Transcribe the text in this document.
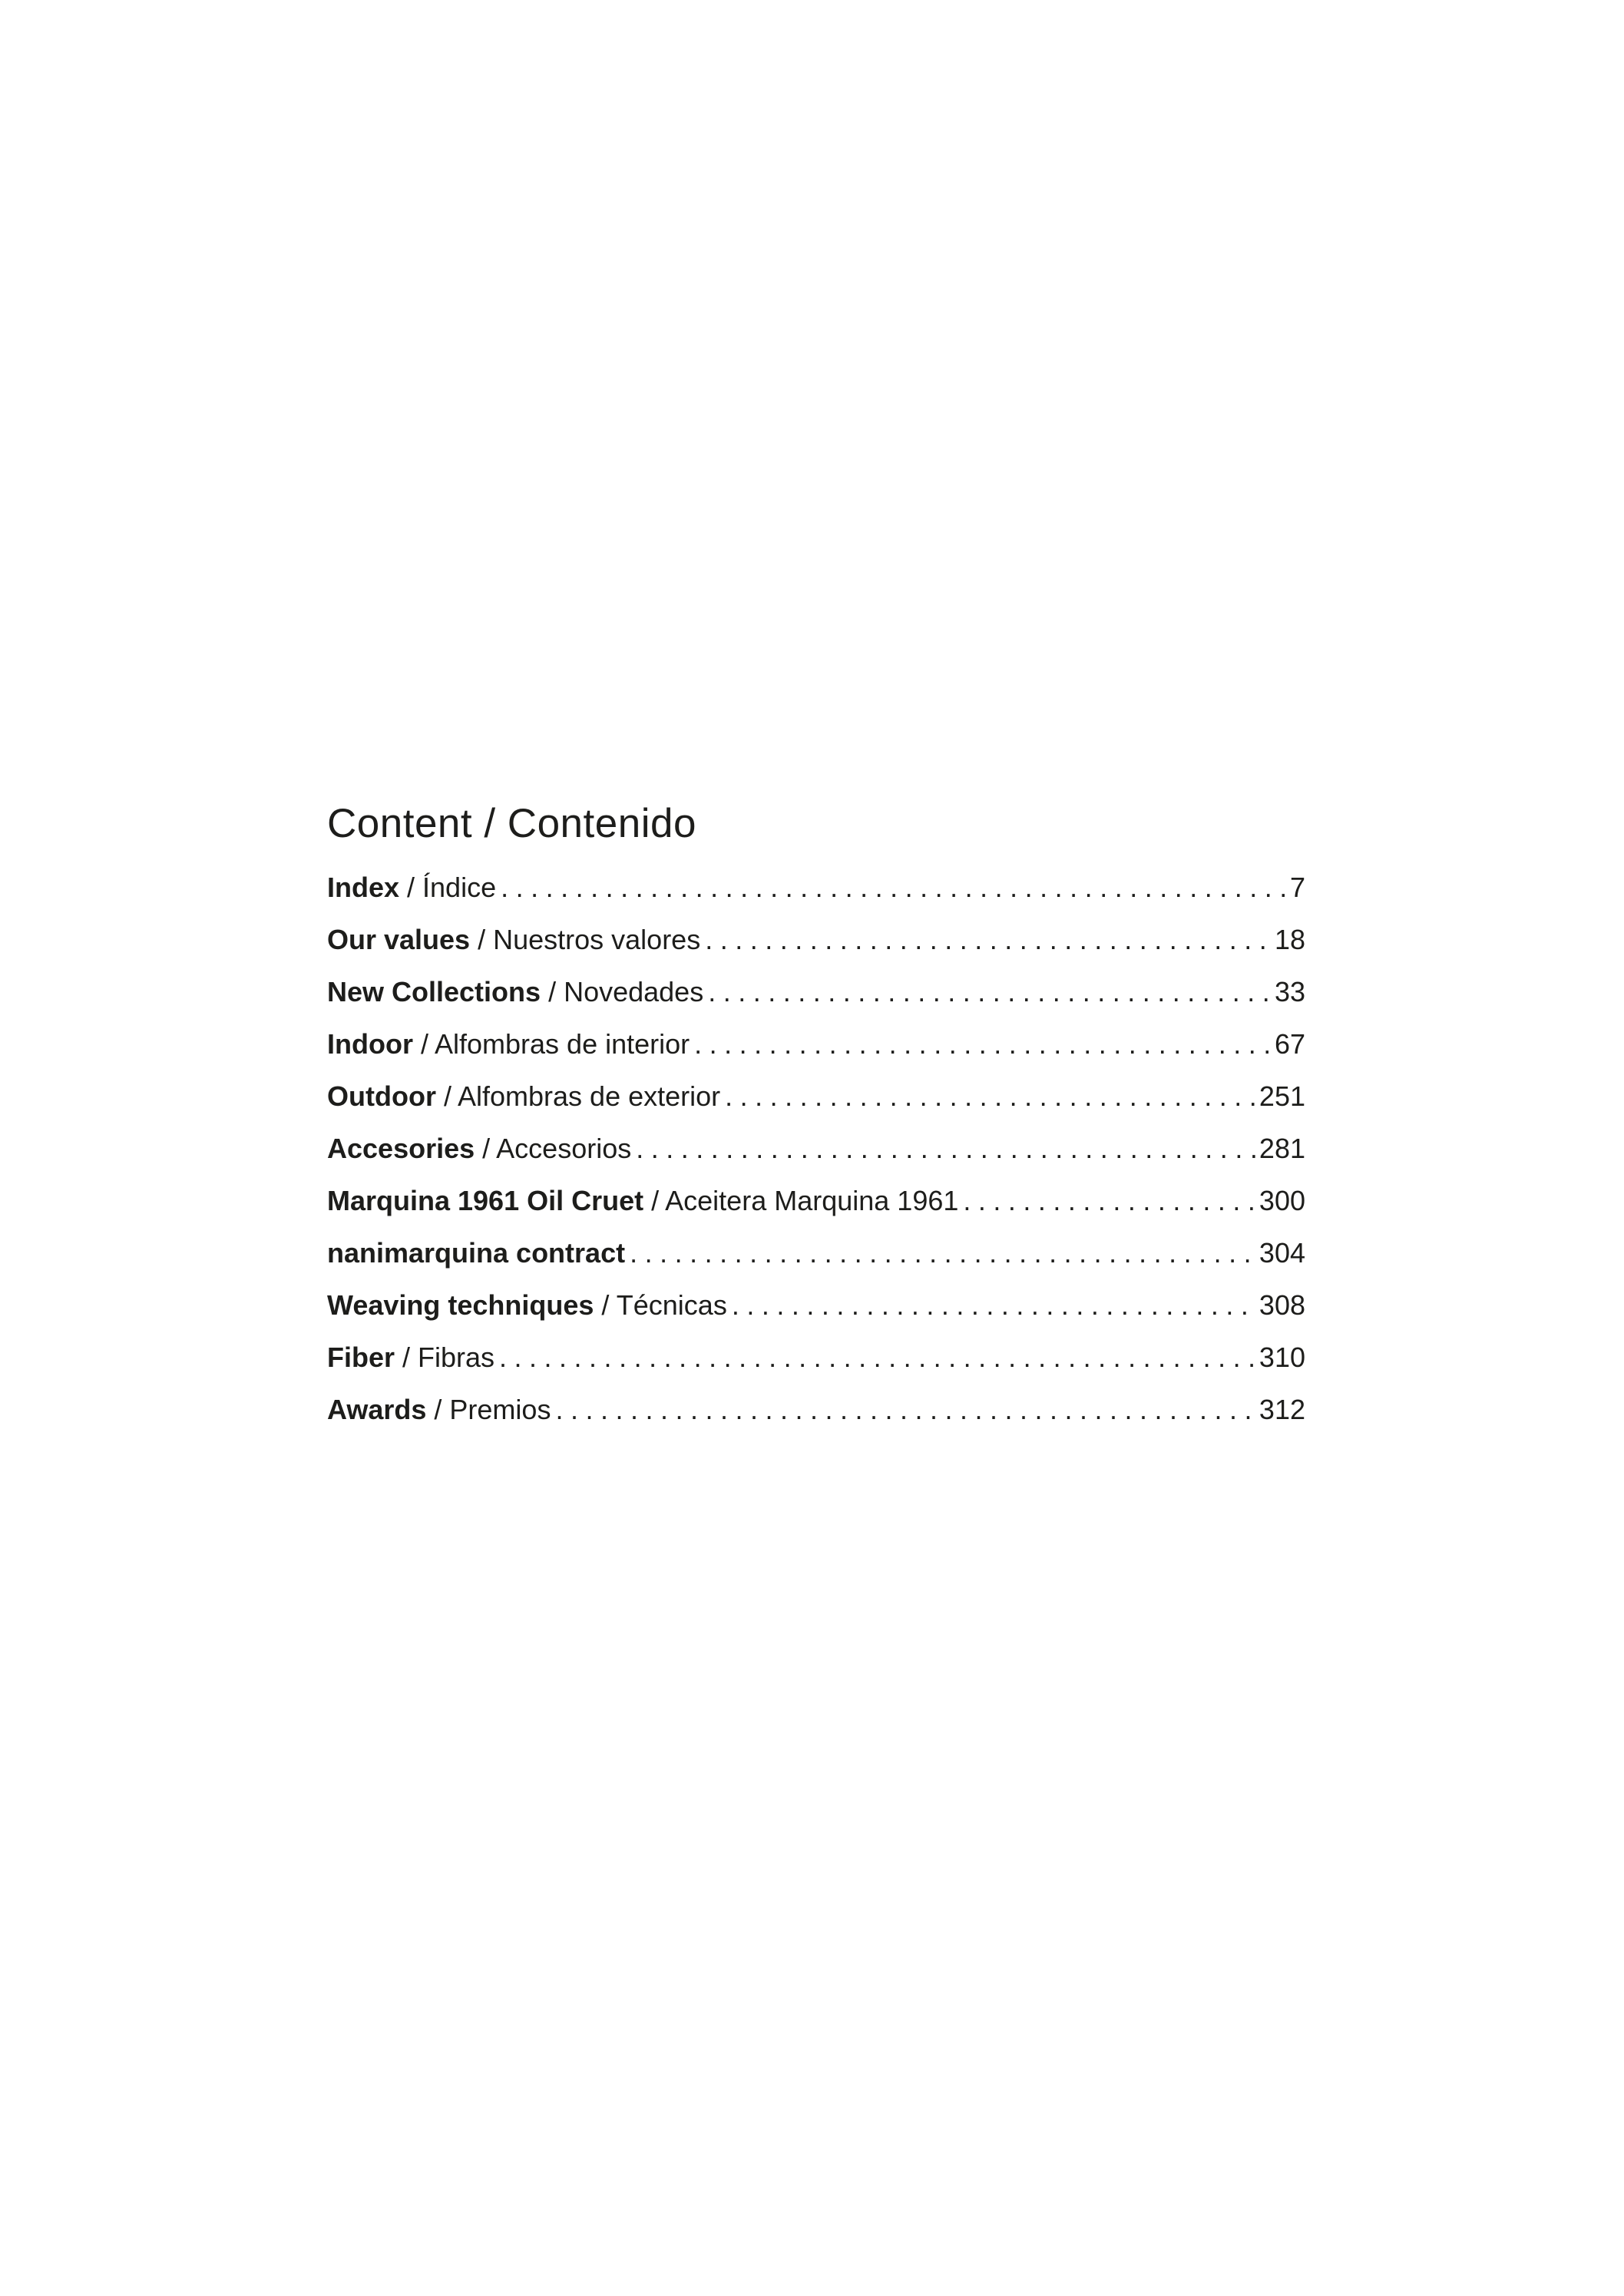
Content / Contenido
Index / Índice .....	7
Our values / Nuestros valores .....	18
New Collections / Novedades .....	33
Indoor / Alfombras de interior .....	67
Outdoor / Alfombras de exterior .....	251
Accesories / Accesorios .....	281
Marquina 1961 Oil Cruet / Aceitera Marquina 1961 .....	300
nanimarquina contract .....	304
Weaving techniques / Técnicas .....	308
Fiber / Fibras .....	310
Awards / Premios .....	312
